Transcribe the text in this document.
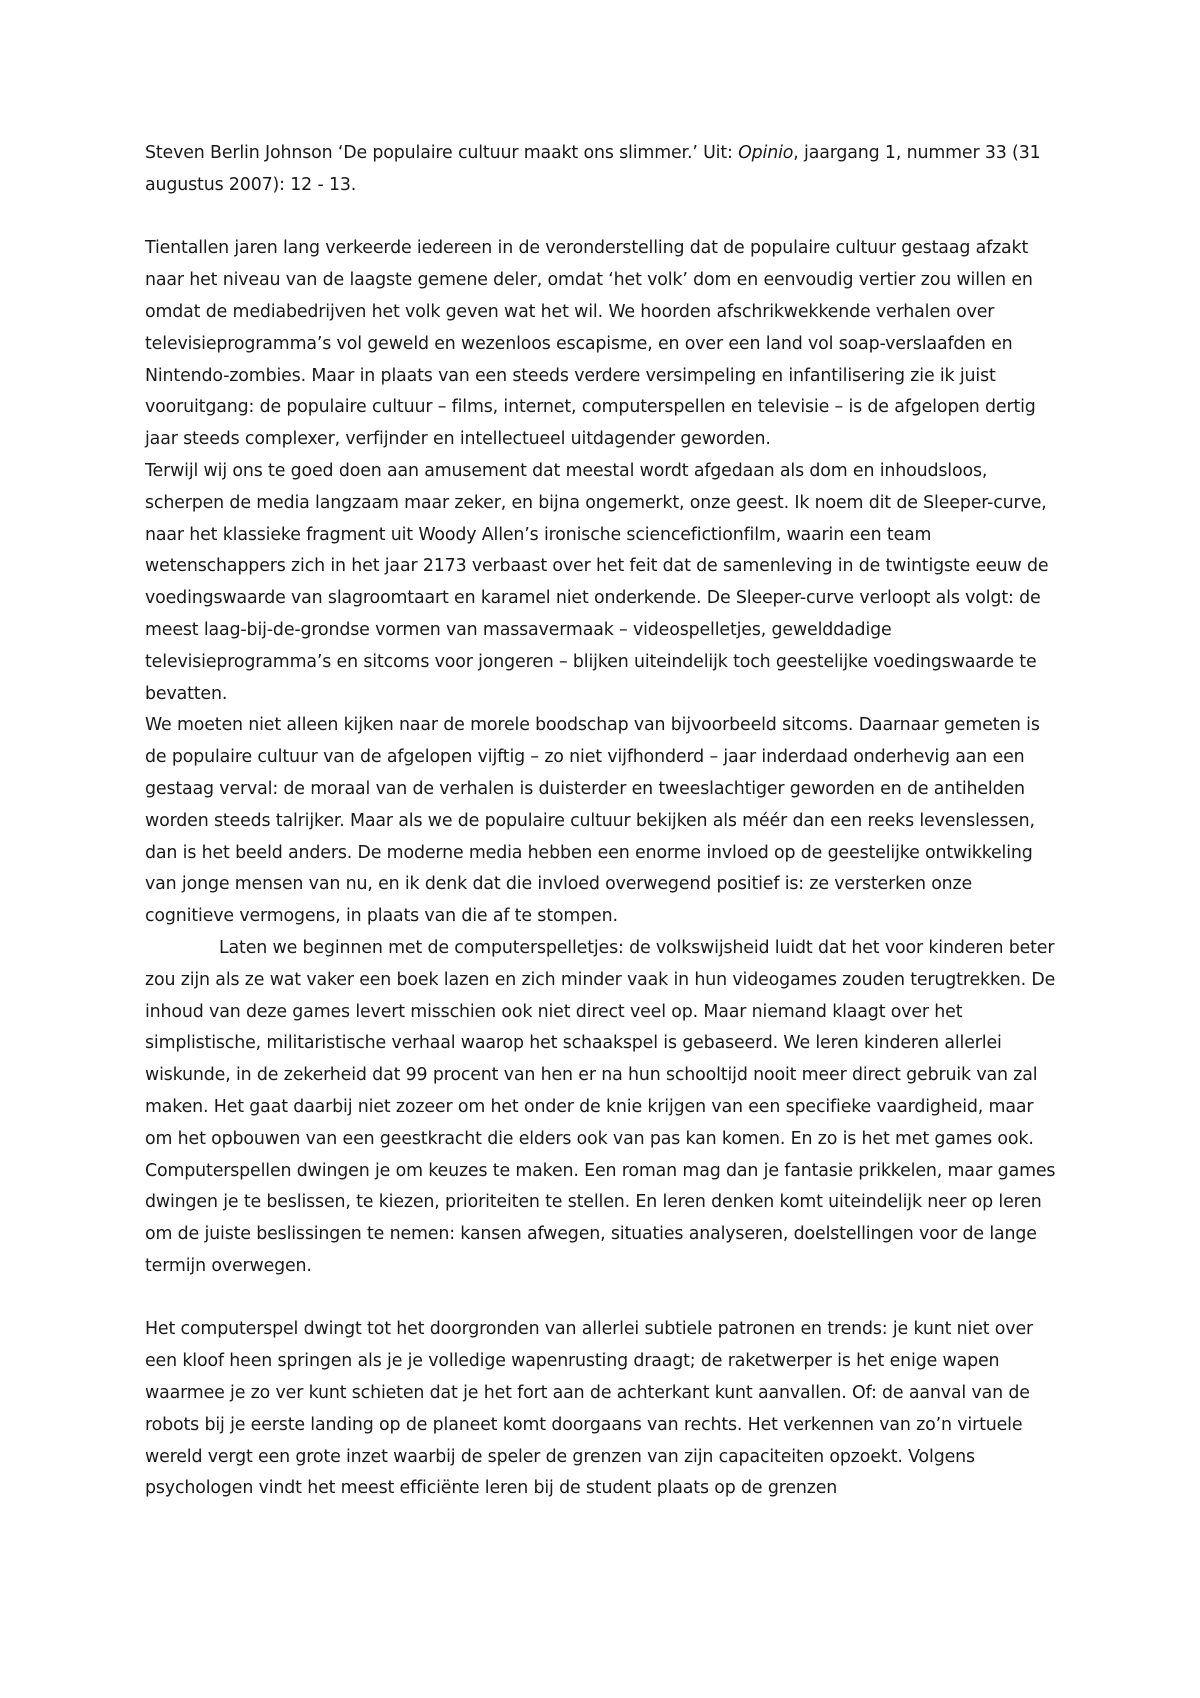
Steven Berlin Johnson ‘De populaire cultuur maakt ons slimmer.’ Uit: Opinio, jaargang 1, nummer 33 (31 augustus 2007): 12 - 13.

Tientallen jaren lang verkeerde iedereen in de veronderstelling dat de populaire cultuur gestaag afzakt naar het niveau van de laagste gemene deler, omdat ‘het volk’ dom en eenvoudig vertier zou willen en omdat de mediabedrijven het volk geven wat het wil. We hoorden afschrikwekkende verhalen over televisieprogramma’s vol geweld en wezenloos escapisme, en over een land vol soap-verslaafden en Nintendo-zombies. Maar in plaats van een steeds verdere versimpeling en infantilisering zie ik juist vooruitgang: de populaire cultuur – films, internet, computerspellen en televisie – is de afgelopen dertig jaar steeds complexer, verfijnder en intellectueel uitdagender geworden.

Terwijl wij ons te goed doen aan amusement dat meestal wordt afgedaan als dom en inhoudsloos, scherpen de media langzaam maar zeker, en bijna ongemerkt, onze geest. Ik noem dit de Sleeper-curve, naar het klassieke fragment uit Woody Allen’s ironische sciencefictionfilm, waarin een team wetenschappers zich in het jaar 2173 verbaast over het feit dat de samenleving in de twintigste eeuw de voedingswaarde van slagroomtaart en karamel niet onderkende. De Sleeper-curve verloopt als volgt: de meest laag-bij-de-grondse vormen van massavermaak – videospelletjes, gewelddadige televisieprogramma’s en sitcoms voor jongeren – blijken uiteindelijk toch geestelijke voedingswaarde te bevatten.

We moeten niet alleen kijken naar de morele boodschap van bijvoorbeeld sitcoms. Daarnaar gemeten is de populaire cultuur van de afgelopen vijftig – zo niet vijfhonderd – jaar inderdaad onderhevig aan een gestaag verval: de moraal van de verhalen is duisterder en tweeslachtiger geworden en de antihelden worden steeds talrijker. Maar als we de populaire cultuur bekijken als méér dan een reeks levenslessen, dan is het beeld anders. De moderne media hebben een enorme invloed op de geestelijke ontwikkeling van jonge mensen van nu, en ik denk dat die invloed overwegend positief is: ze versterken onze cognitieve vermogens, in plaats van die af te stompen.

Laten we beginnen met de computerspelletjes: de volkswijsheid luidt dat het voor kinderen beter zou zijn als ze wat vaker een boek lazen en zich minder vaak in hun videogames zouden terugtrekken. De inhoud van deze games levert misschien ook niet direct veel op. Maar niemand klaagt over het simplistische, militaristische verhaal waarop het schaakspel is gebaseerd. We leren kinderen allerlei wiskunde, in de zekerheid dat 99 procent van hen er na hun schooltijd nooit meer direct gebruik van zal maken. Het gaat daarbij niet zozeer om het onder de knie krijgen van een specifieke vaardigheid, maar om het opbouwen van een geestkracht die elders ook van pas kan komen. En zo is het met games ook. Computerspellen dwingen je om keuzes te maken. Een roman mag dan je fantasie prikkelen, maar games dwingen je te beslissen, te kiezen, prioriteiten te stellen. En leren denken komt uiteindelijk neer op leren om de juiste beslissingen te nemen: kansen afwegen, situaties analyseren, doelstellingen voor de lange termijn overwegen.

Het computerspel dwingt tot het doorgronden van allerlei subtiele patronen en trends: je kunt niet over een kloof heen springen als je je volledige wapenrusting draagt; de raketwerper is het enige wapen waarmee je zo ver kunt schieten dat je het fort aan de achterkant kunt aanvallen. Of: de aanval van de robots bij je eerste landing op de planeet komt doorgaans van rechts. Het verkennen van zo’n virtuele wereld vergt een grote inzet waarbij de speler de grenzen van zijn capaciteiten opzoekt. Volgens psychologen vindt het meest efficiënte leren bij de student plaats op de grenzen
